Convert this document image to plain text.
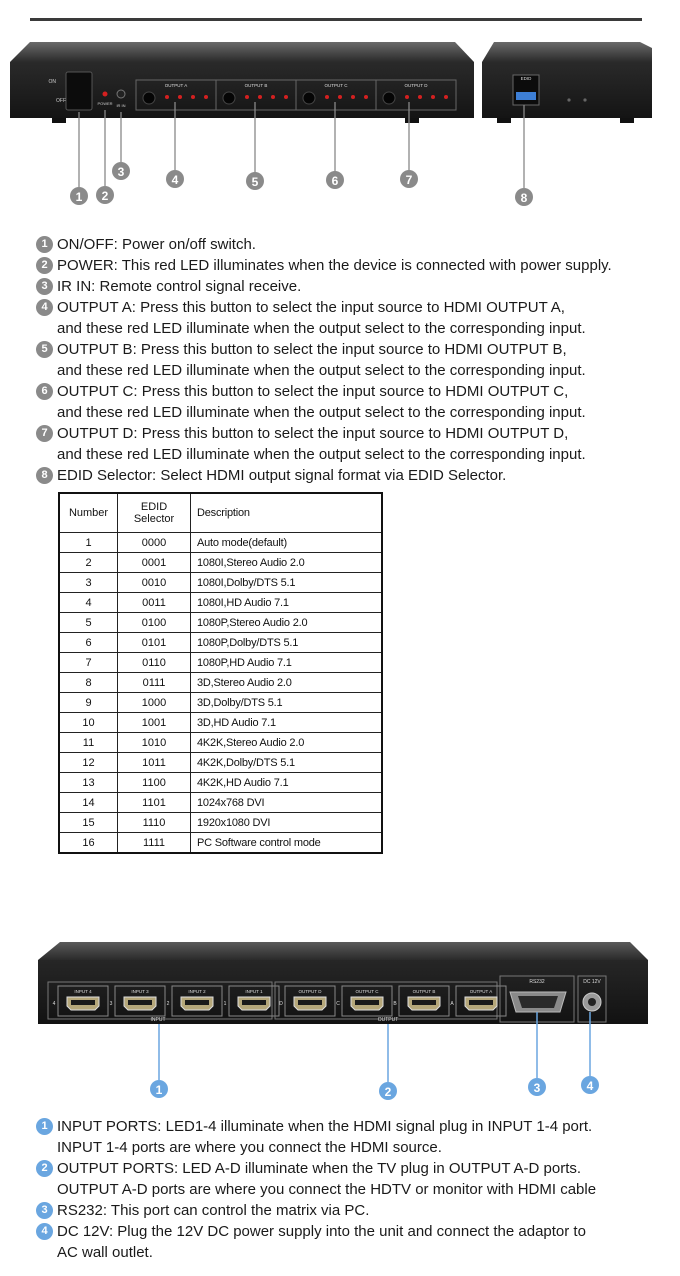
ON
OFF	POWER IR IN
OUTPUT A	OUTPUT B	OUTPUT C	OUTPUT D
1 2
3
4	5	6	7
EDID
8
1 ON/OFF: Power on/off switch.
2 POWER: This red LED illuminates when the device is connected with power supply.
3 IR IN: Remote control signal receive.
4 OUTPUT A: Press this button to select the input source to HDMI OUTPUT A,
and these red LED illuminate when the output select to the corresponding input.
5 OUTPUT B: Press this button to select the input source to HDMI OUTPUT B,
and these red LED illuminate when the output select to the corresponding input.
6 OUTPUT C: Press this button to select the input source to HDMI OUTPUT C,
and these red LED illuminate when the output select to the corresponding input.
7 OUTPUT D: Press this button to select the input source to HDMI OUTPUT D,
and these red LED illuminate when the output select to the corresponding input.
8 EDID Selector: Select HDMI output signal format via EDID Selector.
Number	EDID
Selector	Description
1	0000	Auto mode(default)
2	0001	1080I,Stereo Audio 2.0
3	0010	1080I,Dolby/DTS 5.1
4	0011	1080I,HD Audio 7.1
5	0100	1080P,Stereo Audio 2.0
6	0101	1080P,Dolby/DTS 5.1
7	0110	1080P,HD Audio 7.1
8	0111	3D,Stereo Audio 2.0
9	1000	3D,Dolby/DTS 5.1
10	1001	3D,HD Audio 7.1
11	1010	4K2K,Stereo Audio 2.0
12	1011	4K2K,Dolby/DTS 5.1
13	1100	4K2K,HD Audio 7.1
14	1101	1024x768 DVI
15	1110	1920x1080 DVI
16	1111	PC Software control mode
INPUT
INPUT 4
4
INPUT 3
3
INPUT 2
2
INPUT 1
1
OUTPUT
OUTPUT D
D
OUTPUT C
C
OUTPUT B
B
OUTPUT A
A
RS232	DC 12V
1	2	3	4
1 INPUT PORTS: LED1-4 illuminate when the HDMI signal plug in INPUT 1-4 port.
INPUT 1-4 ports are where you connect the HDMI source.
2 OUTPUT PORTS: LED A-D illuminate when the TV plug in OUTPUT A-D ports.
OUTPUT A-D ports are where you connect the HDTV or monitor with HDMI cable
3 RS232: This port can control the matrix via PC.
4 DC 12V: Plug the 12V DC power supply into the unit and connect the adaptor to
AC wall outlet.
